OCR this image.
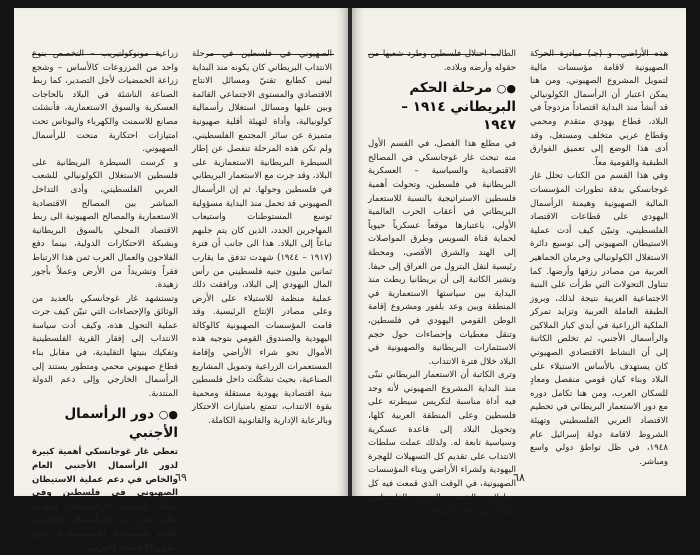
الصهيوني في فلسطين في مرحلة الانتداب البريطاني كان يكونه منذ البداية ليس كطابع تقنيّ ومسائل الانتاج الاقتصادي والمستوى الاجتماعي القائمة وبين عليها ومسائل استغلال رأسمالية كولونيالية، وأداة لتهيئة أقلية صهيونية متميزة عن سائر المجتمع الفلسطيني. ولم تكن هذه المرحلة تنفصل عن إطار السيطرة البريطانية الاستعمارية على البلاد، وقد جرت مع الاستعمار البريطاني في فلسطين وحولها. ثم إن الرأسمال الصهيوني قد تحمل منذ البداية مسؤولية توسع المستوطنات واستيعاب المهاجرين الجدد، الذين كان يتم جلبهم تباعاً إلى البلاد. هذا الى جانب أن فترة (١٩١٧ – ١٩٤٤) شهدت تدفق ما يقارب ثمانين مليون جنيه فلسطيني من رأس المال اليهودي إلى البلاد، ورافقت ذلك عملية منظمة للاستيلاء على الأرض وعلى مصادر الإنتاج الرئيسية. وقد قامت المؤسسات الصهيونية كالوكالة اليهودية والصندوق القومي بتوجيه هذه الأموال نحو شراء الأراضي وإقامة المستعمرات الزراعية وتمويل المشاريع الصناعية، بحيث تشكّلت داخل فلسطين بنية اقتصادية يهودية مستقلة ومحمية بقوة الانتداب، تتمتع بامتيازات الاحتكار وبالرعاية الإدارية والقانونية الكاملة.

زراعية مونوكولتيريب – التخصص بنوع واحد من المزروعات كالأساس – وشجع زراعة الحمضيات لأجل التصدير، كما ربط الصناعة الناشئة في البلاد بالحاجات العسكرية والسوق الاستعمارية، فأنشئت مصانع للاسمنت والكهرباء والبوتاس تحت امتيازات احتكارية منحت للرأسمال الصهيوني.

و كرست السيطرة البريطانية على فلسطين الاستغلال الكولونيالي للشعب العربي الفلسطيني، وأدى التداخل المباشر بين المصالح الاقتصادية الاستعمارية والمصالح الصهيونية الى ربط الاقتصاد المحلي بالسوق البريطانية وبشبكة الاحتكارات الدولية، بينما دفع الفلاحون والعمال العرب ثمن هذا الارتباط فقراً وتشريداً من الأرض وعملاً بأجور زهيدة.

وتستشهد غار غوجانسكي بالعديد من الوثائق والإحصاءات التي تبيّن كيف جرت عملية التحول هذه، وكيف أدت سياسة الانتداب إلى إفقار القرية الفلسطينية وتفكيك بنيتها التقليدية، في مقابل بناء قطاع صهيوني محمي ومتطور يستند إلى الرأسمال الخارجي وإلى دعم الدولة المنتدبة.

●○ دور الرأسمال الأجنبي

تعطي غار غوجانسكي أهمية كبيرة لدور الرأسمال الأجنبي العام والخاص في دعم عملية الاستيطان الصهيوني في فلسطين وفي مجال التطور الرأسمالي ويونيو نظر في دور الرأسمال الأجنبي كأداة للسيطرة الاستعمارية على تطور الاقتصاد العربي ...

٦٩

هذه الأراضي، و (جـ) مبادرة الحركة الصهيونية لاقامة مؤسسات مالية لتمويل المشروع الصهيوني. ومن هنا يمكن اعتبار أن الرأسمال الكولونيالي قد أنشأ منذ البداية اقتصاداً مزدوجاً في البلاد، قطاع يهودي متقدم ومحمي وقطاع عربي متخلف ومستغل، وقد أدى هذا الوضع إلى تعميق الفوارق الطبقية والقومية معاً.

وفي هذا القسم من الكتاب تحلل غار غوجانسكي بدقة تطورات المؤسسات المالية الصهيونية وهيمنة الرأسمال اليهودي على قطاعات الاقتصاد الفلسطيني، وتبيّن كيف أدت عملية الاستيطان الصهيوني إلى توسيع دائرة الاستغلال الكولونيالي وحرمان الجماهير العربية من مصادر رزقها وأرضها. كما تتناول التحولات التي طرأت على البنية الاجتماعية العربية نتيجة لذلك، وبروز الطبقة العاملة العربية وتزايد تمركز الملكية الزراعية في أيدي كبار الملاكين والرأسمال الأجنبي، ثم تخلص الكاتبة إلى أن النشاط الاقتصادي الصهيوني كان يستهدف بالأساس الاستيلاء على البلاد وبناء كيان قومي منفصل ومعادٍ للسكان العرب، ومن هنا تكامل دوره مع دور الاستعمار البريطاني في تحطيم الاقتصاد العربي الفلسطيني وتهيئة الشروط لاقامة دولة إسرائيل عام ١٩٤٨، في ظل تواطؤ دولي واسع ومباشر.

الطالب احتلال فلسطين وطرد شعبها من حقوله وأرضه وبلاده.

●○ مرحلة الحكم البريطاني ١٩١٤ – ١٩٤٧

في مطلع هذا الفصل، في القسم الأول منه تبحث غار غوجانسكي في المصالح الاقتصادية والسياسية – العسكرية البريطانية في فلسطين، وتحولت أهمية فلسطين الاستراتيجية بالنسبة للاستعمار البريطاني في أعقاب الحرب العالمية الأولى، باعتبارها موقعاً عسكرياً حيوياً لحماية قناة السويس وطرق المواصلات إلى الهند والشرق الأقصى، ومحطة رئيسية لنقل البترول من العراق إلى حيفا. وتشير الكاتبة إلى أن بريطانيا ربطت منذ البداية بين سياستها الاستعمارية في المنطقة وبين وعد بلفور ومشروع إقامة الوطن القومي اليهودي في فلسطين، وتنقل معطيات وإحصاءات حول حجم الاستثمارات البريطانية والصهيونية في البلاد خلال فترة الانتداب.

وترى الكاتبة أن الاستعمار البريطاني تبنّى منذ البداية المشروع الصهيوني لأنه وجد فيه أداة مناسبة لتكريس سيطرته على فلسطين وعلى المنطقة العربية كلها، وتحويل البلاد إلى قاعدة عسكرية وسياسية تابعة له. ولذلك عملت سلطات الانتداب على تقديم كل التسهيلات للهجرة اليهودية ولشراء الأراضي وبناء المؤسسات الصهيونية، في الوقت الذي قمعت فيه كل محاولات الشعب العربي الفلسطيني للنضال من أجل الاستقلال.

٦٨
